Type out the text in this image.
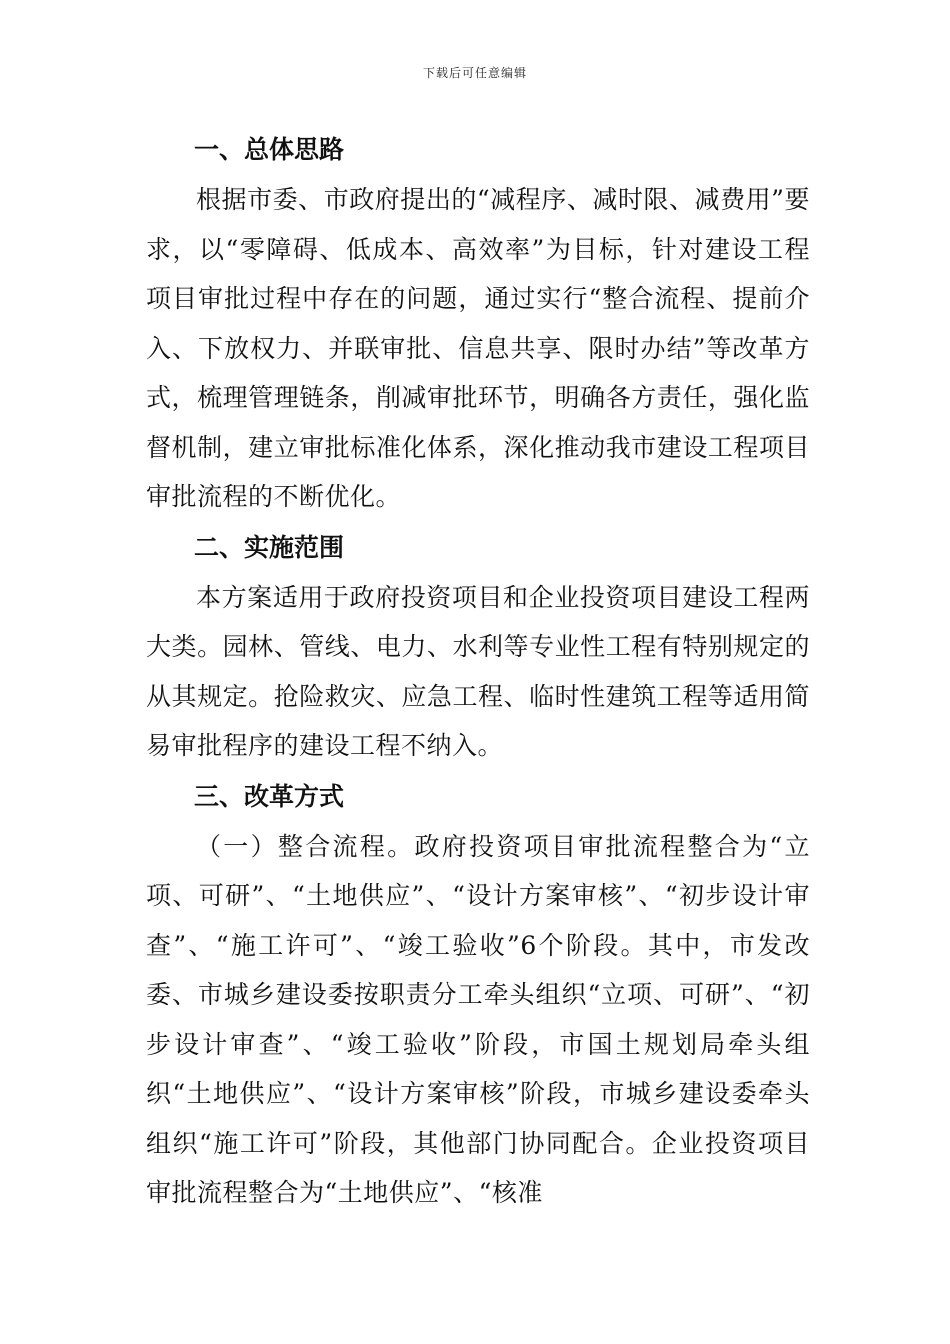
下载后可任意编辑
一、总体思路

根据市委、市政府提出的“减程序、减时限、减费用”要求，以“零障碍、低成本、高效率”为目标，针对建设工程项目审批过程中存在的问题，通过实行“整合流程、提前介入、下放权力、并联审批、信息共享、限时办结”等改革方式，梳理管理链条，削减审批环节，明确各方责任，强化监督机制，建立审批标准化体系，深化推动我市建设工程项目审批流程的不断优化。

二、实施范围

本方案适用于政府投资项目和企业投资项目建设工程两大类。园林、管线、电力、水利等专业性工程有特别规定的从其规定。抢险救灾、应急工程、临时性建筑工程等适用简易审批程序的建设工程不纳入。

三、改革方式

（一）整合流程。政府投资项目审批流程整合为“立项、可研”、“土地供应”、“设计方案审核”、“初步设计审查”、“施工许可”、“竣工验收”6个阶段。其中，市发改委、市城乡建设委按职责分工牵头组织“立项、可研”、“初步设计审查”、“竣工验收”阶段，市国土规划局牵头组织“土地供应”、“设计方案审核”阶段，市城乡建设委牵头组织“施工许可”阶段，其他部门协同配合。企业投资项目审批流程整合为“土地供应”、“核准
